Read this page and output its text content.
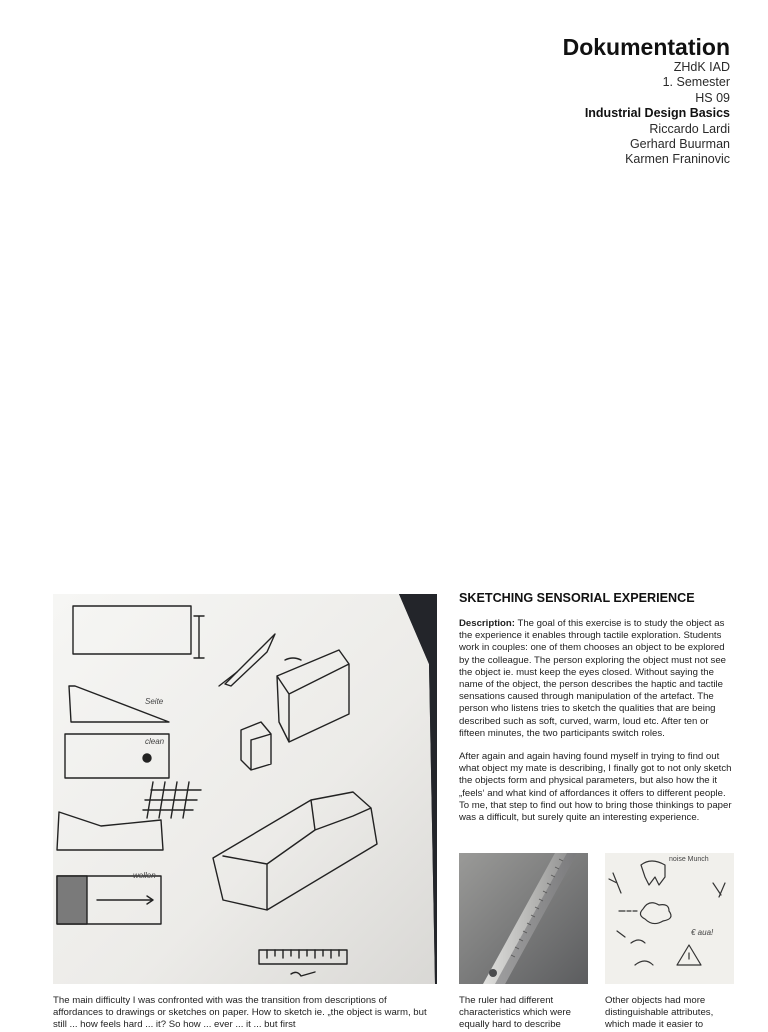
Dokumentation
ZHdK IAD
1. Semester
HS 09
Industrial Design Basics
Riccardo Lardi
Gerhard Buurman
Karmen Franinovic
Seite
clean
wellen
SKETCHING SENSORIAL EXPERIENCE

Description: The goal of this exercise is to study the object as the experience it enables through tactile exploration. Students work in couples: one of them chooses an object to be explored by the colleague. The person exploring the object must not see the object ie. must keep the eyes closed. Without saying the name of the object, the person describes the haptic and tactile sensations caused through manipulation of the artefact. The person who listens tries to sketch the qualities that are being described such as soft, curved, warm, loud etc. After ten or fifteen minutes, the two participants switch roles.

After again and again having found myself in trying to find out what object my mate is describing, I finally got to not only sketch the objects form and physical parameters, but also how the it „feels‘ and what kind of affordances it offers to different people. To me, that step to find out how to bring those thinkings to paper was a difficult, but surely quite an interesting experience.

noise Munch
€ aua!

The main difficulty I was confronted with was the transition from descriptions of affordances to drawings or sketches on paper. How to sketch ie. „the object is warm, but still ... how feels hard ... it? So how ... ever ... it ... but first

The ruler had different characteristics which were equally hard to describe

Other objects had more distinguishable attributes, which made it easier to
